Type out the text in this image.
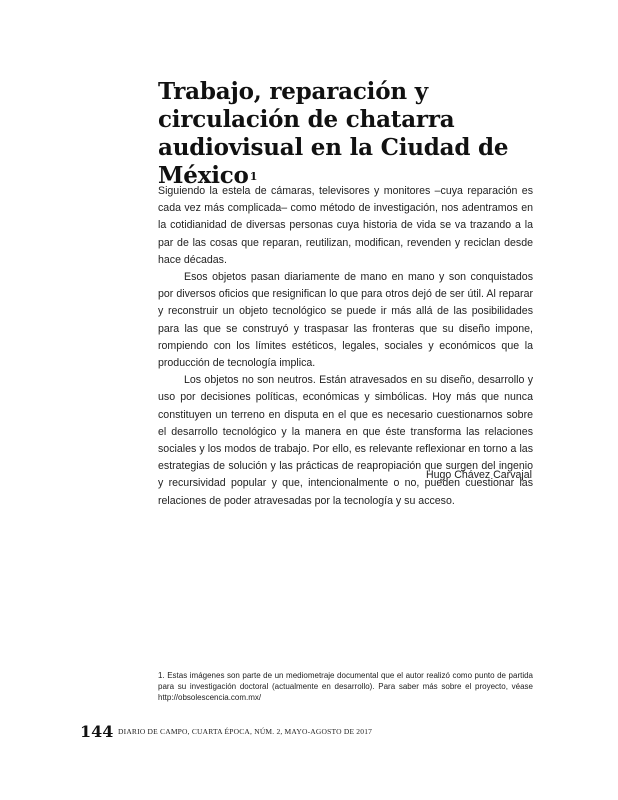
Trabajo, reparación y circulación de chatarra audiovisual en la Ciudad de México$^1$

Siguiendo la estela de cámaras, televisores y monitores –cuya reparación es cada vez más complicada– como método de investigación, nos adentramos en la cotidianidad de diversas personas cuya historia de vida se va trazando a la par de las cosas que reparan, reutilizan, modifican, revenden y reciclan desde hace décadas.

Esos objetos pasan diariamente de mano en mano y son conquistados por diversos oficios que resignifican lo que para otros dejó de ser útil. Al reparar y reconstruir un objeto tecnológico se puede ir más allá de las posibilidades para las que se construyó y traspasar las fronteras que su diseño impone, rompiendo con los límites estéticos, legales, sociales y económicos que la producción de tecnología implica.

Los objetos no son neutros. Están atravesados en su diseño, desarrollo y uso por decisiones políticas, económicas y simbólicas. Hoy más que nunca constituyen un terreno en disputa en el que es necesario cuestionarnos sobre el desarrollo tecnológico y la manera en que éste transforma las relaciones sociales y los modos de trabajo. Por ello, es relevante reflexionar en torno a las estrategias de solución y las prácticas de reapropiación que surgen del ingenio y recursividad popular y que, intencionalmente o no, pueden cuestionar las relaciones de poder atravesadas por la tecnología y su acceso.

Hugo Chávez Carvajal
1. Estas imágenes son parte de un mediometraje documental que el autor realizó como punto de partida para su investigación doctoral (actualmente en desarrollo). Para saber más sobre el proyecto, véase http://obsolescencia.com.mx/
144 DIARIO DE CAMPO, CUARTA ÉPOCA, NÚM. 2, MAYO-AGOSTO DE 2017
